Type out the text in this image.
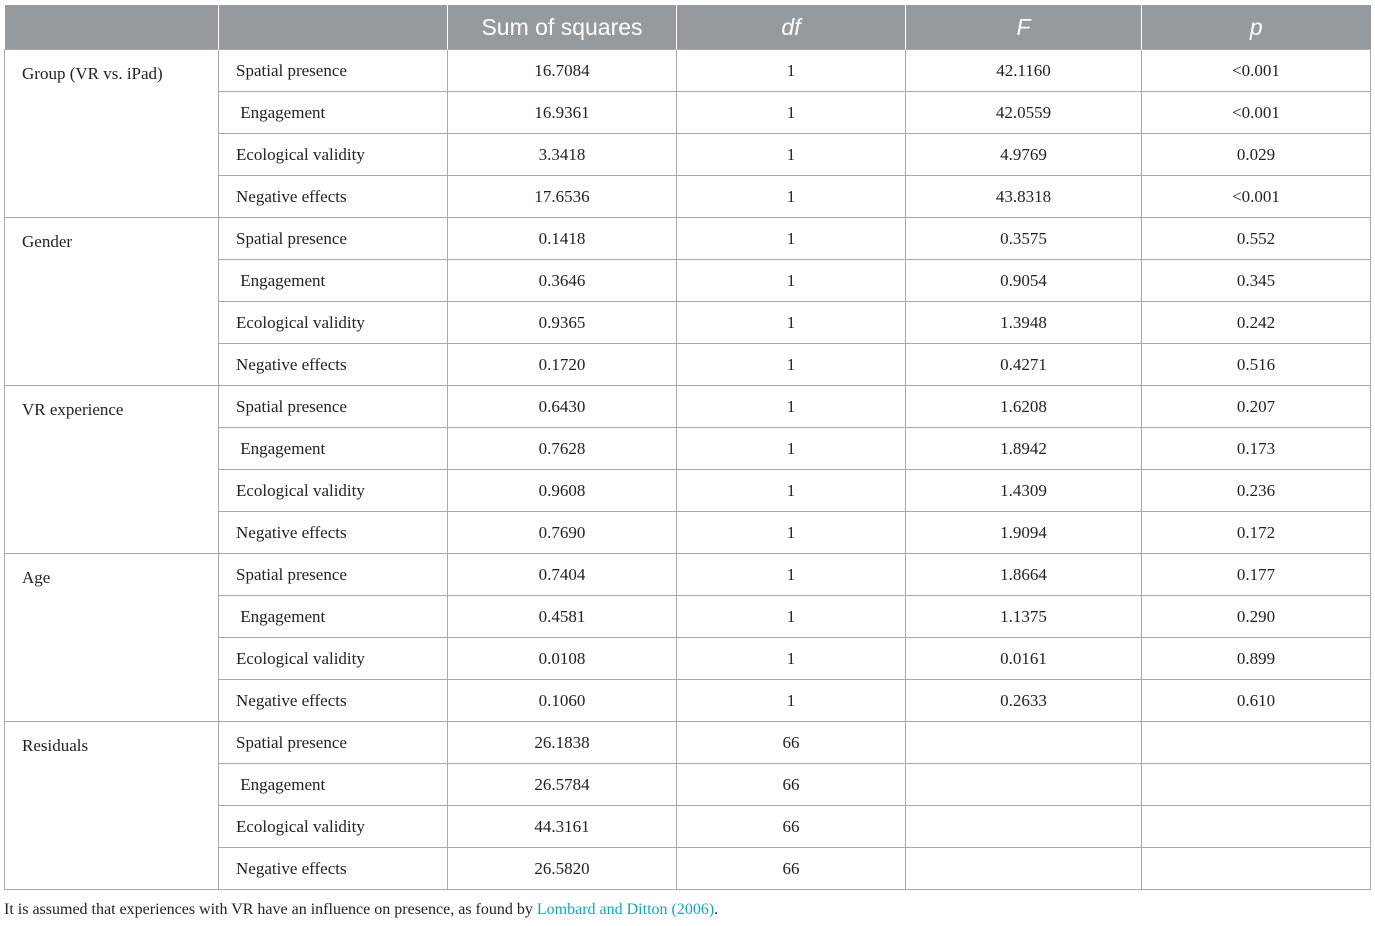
		Sum of squares	df	F	p
Group (VR vs. iPad)	Spatial presence	16.7084	1	42.1160	<0.001
	Engagement	16.9361	1	42.0559	<0.001
	Ecological validity	3.3418	1	4.9769	0.029
	Negative effects	17.6536	1	43.8318	<0.001
Gender	Spatial presence	0.1418	1	0.3575	0.552
	Engagement	0.3646	1	0.9054	0.345
	Ecological validity	0.9365	1	1.3948	0.242
	Negative effects	0.1720	1	0.4271	0.516
VR experience	Spatial presence	0.6430	1	1.6208	0.207
	Engagement	0.7628	1	1.8942	0.173
	Ecological validity	0.9608	1	1.4309	0.236
	Negative effects	0.7690	1	1.9094	0.172
Age	Spatial presence	0.7404	1	1.8664	0.177
	Engagement	0.4581	1	1.1375	0.290
	Ecological validity	0.0108	1	0.0161	0.899
	Negative effects	0.1060	1	0.2633	0.610
Residuals	Spatial presence	26.1838	66		
	Engagement	26.5784	66		
	Ecological validity	44.3161	66		
	Negative effects	26.5820	66		
It is assumed that experiences with VR have an influence on presence, as found by Lombard and Ditton (2006).
